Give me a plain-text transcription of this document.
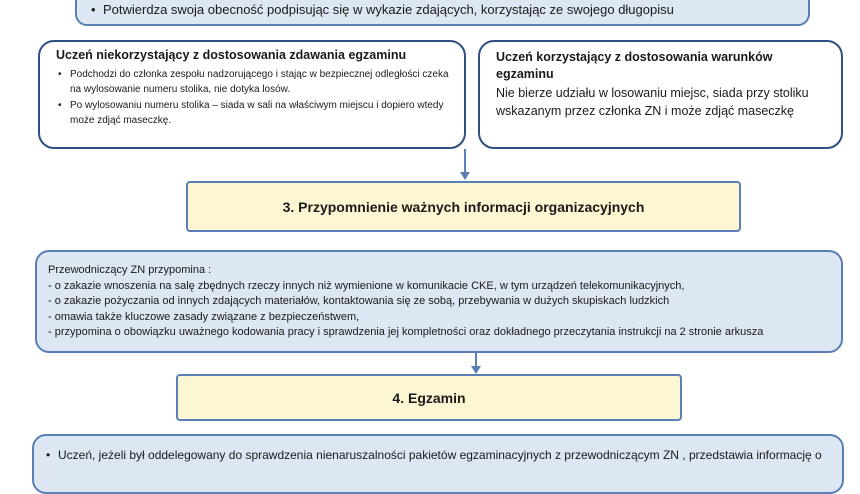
• Potwierdza swoja obecność podpisując się w wykazie zdających, korzystając ze swojego długopisu
Uczeń niekorzystający z dostosowania zdawania egzaminu
• Podchodzi do członka zespołu nadzorującego i stając w bezpiecznej odległości czeka na wylosowanie numeru stolika, nie dotyka losów.
• Po wylosowaniu numeru stolika – siada w sali na właściwym miejscu i dopiero wtedy może zdjąć maseczkę.
Uczeń korzystający z dostosowania warunków egzaminu
Nie bierze udziału w losowaniu miejsc, siada przy stoliku wskazanym przez członka ZN i może zdjąć maseczkę
3. Przypomnienie ważnych informacji organizacyjnych
Przewodniczący ZN przypomina :
- o zakazie wnoszenia na salę zbędnych rzeczy innych niż wymienione w komunikacie CKE, w tym urządzeń telekomunikacyjnych,
- o zakazie pożyczania od innych zdających materiałów, kontaktowania się ze sobą, przebywania w dużych skupiskach ludzkich
- omawia także kluczowe zasady związane z bezpieczeństwem,
- przypomina o obowiązku uważnego kodowania pracy i sprawdzenia jej kompletności oraz dokładnego przeczytania instrukcji na 2 stronie arkusza
4. Egzamin
• Uczeń, jeżeli był oddelegowany do sprawdzenia nienaruszalności pakietów egzaminacyjnych z przewodniczącym ZN , przedstawia informację o
